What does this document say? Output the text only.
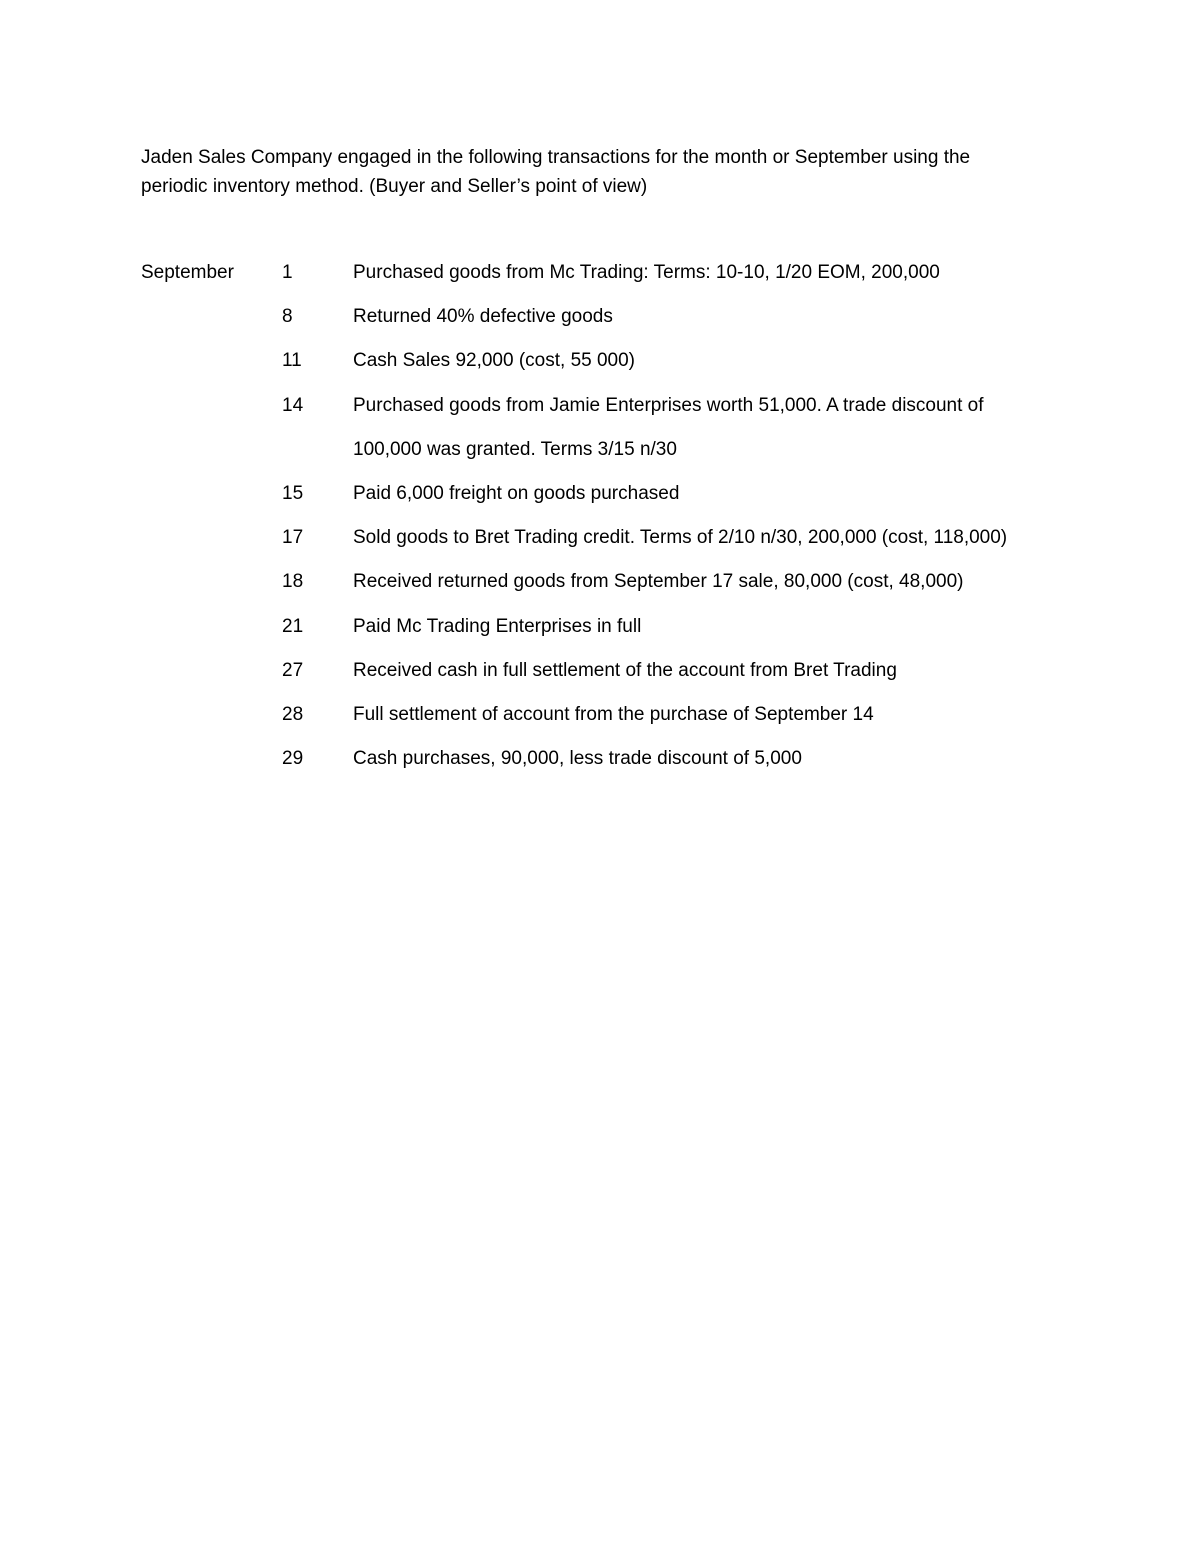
Jaden Sales Company engaged in the following transactions for the month or September using the

periodic inventory method. (Buyer and Seller’s point of view)

September	1	Purchased goods from Mc Trading: Terms: 10-10, 1/20 EOM, 200,000
8	Returned 40% defective goods
11	Cash Sales 92,000 (cost, 55 000)
14	Purchased goods from Jamie Enterprises worth 51,000. A trade discount of
100,000 was granted. Terms 3/15 n/30
15	Paid 6,000 freight on goods purchased
17	Sold goods to Bret Trading credit. Terms of 2/10 n/30, 200,000 (cost, 118,000)
18	Received returned goods from September 17 sale, 80,000 (cost, 48,000)
21	Paid Mc Trading Enterprises in full
27	Received cash in full settlement of the account from Bret Trading
28	Full settlement of account from the purchase of September 14
29	Cash purchases, 90,000, less trade discount of 5,000
